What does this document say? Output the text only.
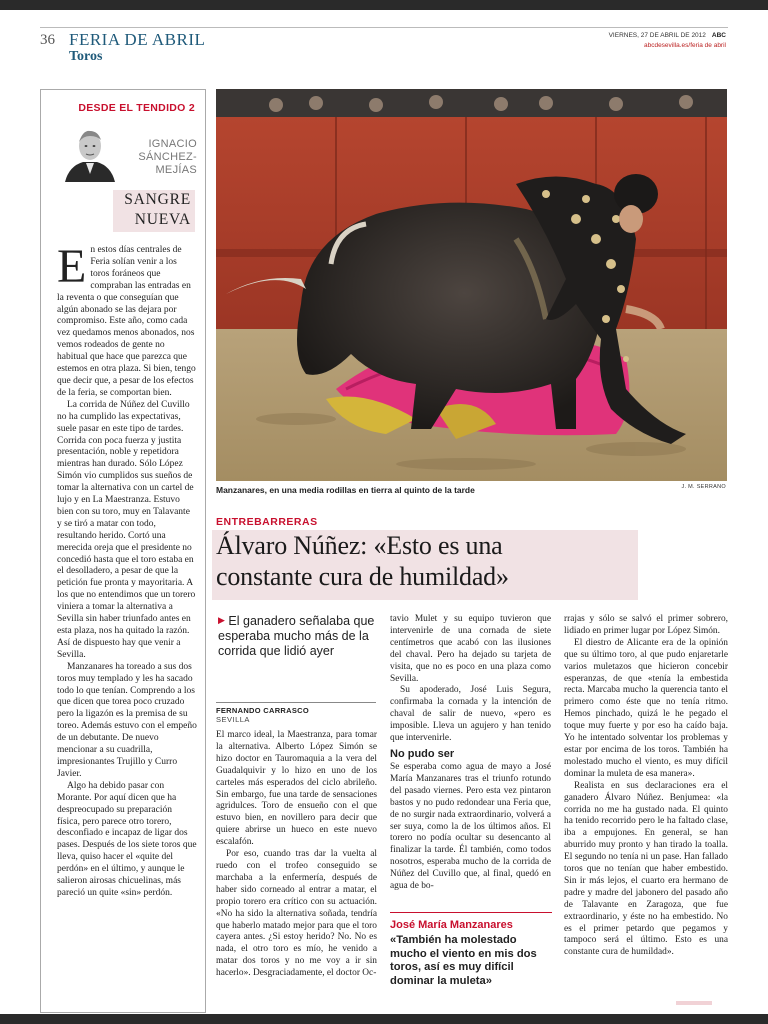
36 FERIA DE ABRIL
Toros
VIERNES, 27 DE ABRIL DE 2012 ABC
abcdesevilla.es/feria de abril
DESDE EL TENDIDO 2
IGNACIO
SÁNCHEZ-
MEJÍAS
SANGRE
NUEVA

En estos días centrales de Feria solían venir a los toros foráneos que compraban las entradas en la reventa o que conseguían que algún abonado se las dejara por compromiso. Este año, como cada vez quedamos menos abonados, nos vemos rodeados de gente no habitual que hace que parezca que estemos en otra plaza. Si bien, tengo que decir que, a pesar de los efectos de la feria, se comportan bien.

La corrida de Núñez del Cuvillo no ha cumplido las expectativas, suele pasar en este tipo de tardes. Corrida con poca fuerza y justita presentación, noble y repetidora mientras han durado. Sólo López Simón vio cumplidos sus sueños de tomar la alternativa con un cartel de lujo y en La Maestranza. Estuvo bien con su toro, muy en Talavante y se tiró a matar con todo, resultando herido. Cortó una merecida oreja que el presidente no concedió hasta que el toro estaba en el desolladero, a pesar de que la petición fue pronta y mayoritaria. A los que no entendimos que un torero viniera a tomar la alternativa a Sevilla sin haber triunfado antes en esta plaza, nos ha quitado la razón. Así de dispuesto hay que venir a Sevilla.

Manzanares ha toreado a sus dos toros muy templado y les ha sacado todo lo que tenían. Comprendo a los que dicen que torea poco cruzado pero la ligazón es la premisa de su toreo. Además estuvo con el empeño de un debutante. De nuevo mencionar a su cuadrilla, impresionantes Trujillo y Curro Javier.

Algo ha debido pasar con Morante. Por aquí dicen que ha despreocupado su preparación física, pero parece otro torero, desconfiado e incapaz de ligar dos pases. Después de los siete toros que lleva, quiso hacer el «quite del perdón» en el último, y aunque le salieron airosas chicuelinas, más pareció un quite «sin» perdón.

Manzanares, en una media rodillas en tierra al quinto de la tarde	J. M. SERRANO
ENTREBARRERAS
Álvaro Núñez: «Esto es una
constante cura de humildad»
▶ El ganadero señalaba que esperaba mucho más de la corrida que lidió ayer
FERNANDO CARRASCO
SEVILLA

El marco ideal, la Maestranza, para tomar la alternativa. Alberto López Simón se hizo doctor en Tauromaquia a la vera del Guadalquivir y lo hizo en uno de los carteles más esperados del ciclo abrileño. Sin embargo, fue una tarde de sensaciones agridulces. Toro de ensueño con el que estuvo bien, en novillero para decir que quiere abrirse un hueco en este nuevo escalafón.

Por eso, cuando tras dar la vuelta al ruedo con el trofeo conseguido se marchaba a la enfermería, después de haber sido corneado al entrar a matar, el propio torero era crítico con su actuación. «No ha sido la alternativa soñada, tendría que haberlo matado mejor para que el toro cayera antes. ¿Si estoy herido? No. No es nada, el otro toro es mío, he venido a matar dos toros y no me voy a ir sin hacerlo». Desgraciadamente, el doctor Oc-

tavio Mulet y su equipo tuvieron que intervenirle de una cornada de siete centímetros que acabó con las ilusiones del chaval. Pero ha dejado su tarjeta de visita, que no es poco en una plaza como Sevilla.

Su apoderado, José Luis Segura, confirmaba la cornada y la intención de chaval de salir de nuevo, «pero es imposible. Lleva un agujero y han tenido que intervenirle.

No pudo ser

Se esperaba como agua de mayo a José María Manzanares tras el triunfo rotundo del pasado viernes. Pero esta vez pintaron bastos y no pudo redondear una Feria que, de no surgir nada extraordinario, volverá a ser suya, como la de los últimos años. El torero no podía ocultar su desencanto al finalizar la tarde. Él también, como todos nosotros, esperaba mucho de la corrida de Núñez del Cuvillo que, al final, quedó en agua de bo-

José María Manzanares
«También ha molestado mucho el viento en mis dos toros, así es muy difícil dominar la muleta»

rrajas y sólo se salvó el primer sobrero, lidiado en primer lugar por López Simón.

El diestro de Alicante era de la opinión que su último toro, al que pudo enjaretarle varios muletazos que hicieron concebir esperanzas, de que «tenía la embestida recta. Marcaba mucho la querencia tanto el primero como éste que no tenía ritmo. Hemos pinchado, quizá le he pegado el toque muy fuerte y por eso ha caído baja. Yo he intentado solventar los problemas y estar por encima de los toros. También ha molestado mucho el viento, es muy difícil dominar la muleta de esa manera».

Realista en sus declaraciones era el ganadero Álvaro Núñez. Benjumea: «la corrida no me ha gustado nada. El quinto ha tenido recorrido pero le ha faltado clase, iba a empujones. En general, se han aburrido muy pronto y han tirado la toalla. El segundo no tenía ni un pase. Han fallado toros que no tenían que haber embestido. Sin ir más lejos, el cuarto era hermano de padre y madre del jabonero del pasado año de Talavante en Zaragoza, que fue extraordinario, y éste no ha embestido. No es el primer petardo que pegamos y tampoco será el último. Esto es una constante cura de humildad».
